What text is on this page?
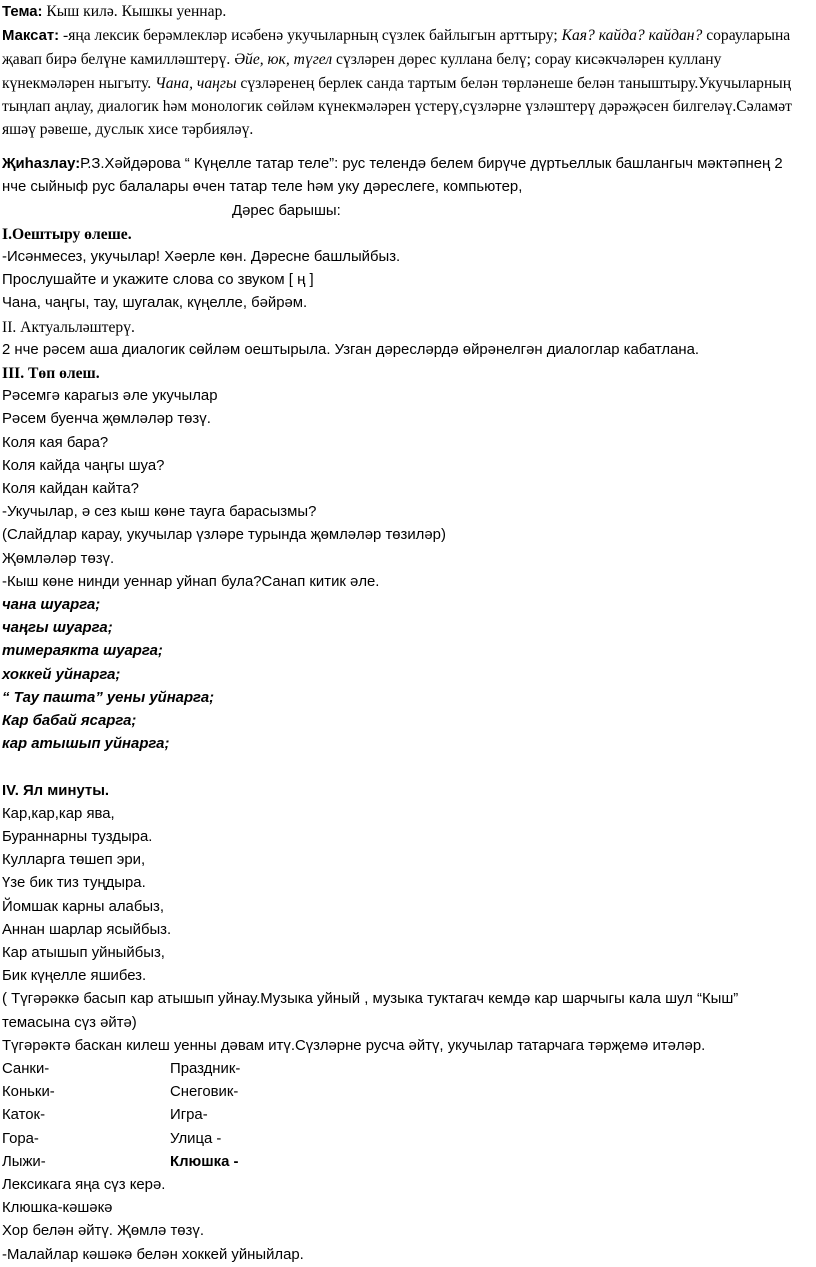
Тема: Кыш килә. Кышкы уеннар.

Максат: -яңа лексик берәмлекләр исәбенә укучыларның сүзлек байлыгын арттыру; Кая? кайда? кайдан? сорауларына җавап бирә белүне камилләштерү. Әйе, юк, түгел сүзләрен дөрес куллана белү; сорау кисәкчәләрен куллану күнекмәләрен ныгыту. Чана, чаңгы сүзләренең берлек санда тартым белән төрләнеше белән таныштыру.Укучыларның тыңлап аңлау, диалогик һәм монологик сөйләм күнекмәләрен үстерү,сүзләрне үзләштерү дәрәҗәсен билгеләү.Сәламәт яшәү рәвеше, дуслык хисе тәрбияләү.

Җиһазлау:Р.З.Хәйдәрова “ Күңелле татар теле”: рус телендә белем бирүче дүртьеллык башлангыч мәктәпнең 2 нче сыйныф рус балалары өчен татар теле һәм уку дәреслеге, компьютер,

Дәрес барышы:

I.Оештыру өлеше.

-Исәнмесез, укучылар! Хәерле көн. Дәресне башлыйбыз.

Прослушайте и укажите слова со звуком [ ң ]

Чана, чаңгы, тау, шугалак, күңелле, бәйрәм.

II. Актуальләштерү.

2 нче рәсем аша диалогик сөйләм оештырыла. Узган дәресләрдә өйрәнелгән диалоглар кабатлана.

III. Төп өлеш.

Рәсемгә карагыз әле укучылар

Рәсем буенча җөмләләр төзү.

Коля кая бара?

Коля кайда чаңгы шуа?

Коля кайдан кайта?

-Укучылар, ә сез кыш көне тауга барасызмы?

(Слайдлар карау, укучылар үзләре турында җөмләләр төзиләр)

Җөмләләр төзү.

-Кыш көне нинди уеннар уйнап була?Санап китик әле.

чана шуарга;

чаңгы шуарга;

тимераякта шуарга;

хоккей уйнарга;

“ Тау пашта” уены уйнарга;

Кар бабай ясарга;

кар атышып уйнарга;

IV. Ял минуты.

Кар,кар,кар ява,

Бураннарны туздыра.

Кулларга төшеп эри,

Үзе бик тиз туңдыра.

Йомшак карны алабыз,

Аннан шарлар ясыйбыз.

Кар атышып уйныйбыз,

Бик күңелле яшибез.

( Түгәрәккә басып кар атышып уйнау.Музыка уйный , музыка туктагач кемдә кар шарчыгы кала шул “Кыш” темасына сүз әйтә)

Түгәрәктә баскан килеш уенны дәвам итү.Сүзләрне русча әйтү, укучылар татарчага тәрҗемә итәләр.

Санки-	Праздник-

Коньки-	Снеговик-

Каток-	Игра-

Гора-	Улица -

Лыжи-	Клюшка -

Лексикага яңа сүз керә.

Клюшка-кәшәкә

Хор белән әйтү. Җөмлә төзү.

-Малайлар кәшәкә белән хоккей уйныйлар.
